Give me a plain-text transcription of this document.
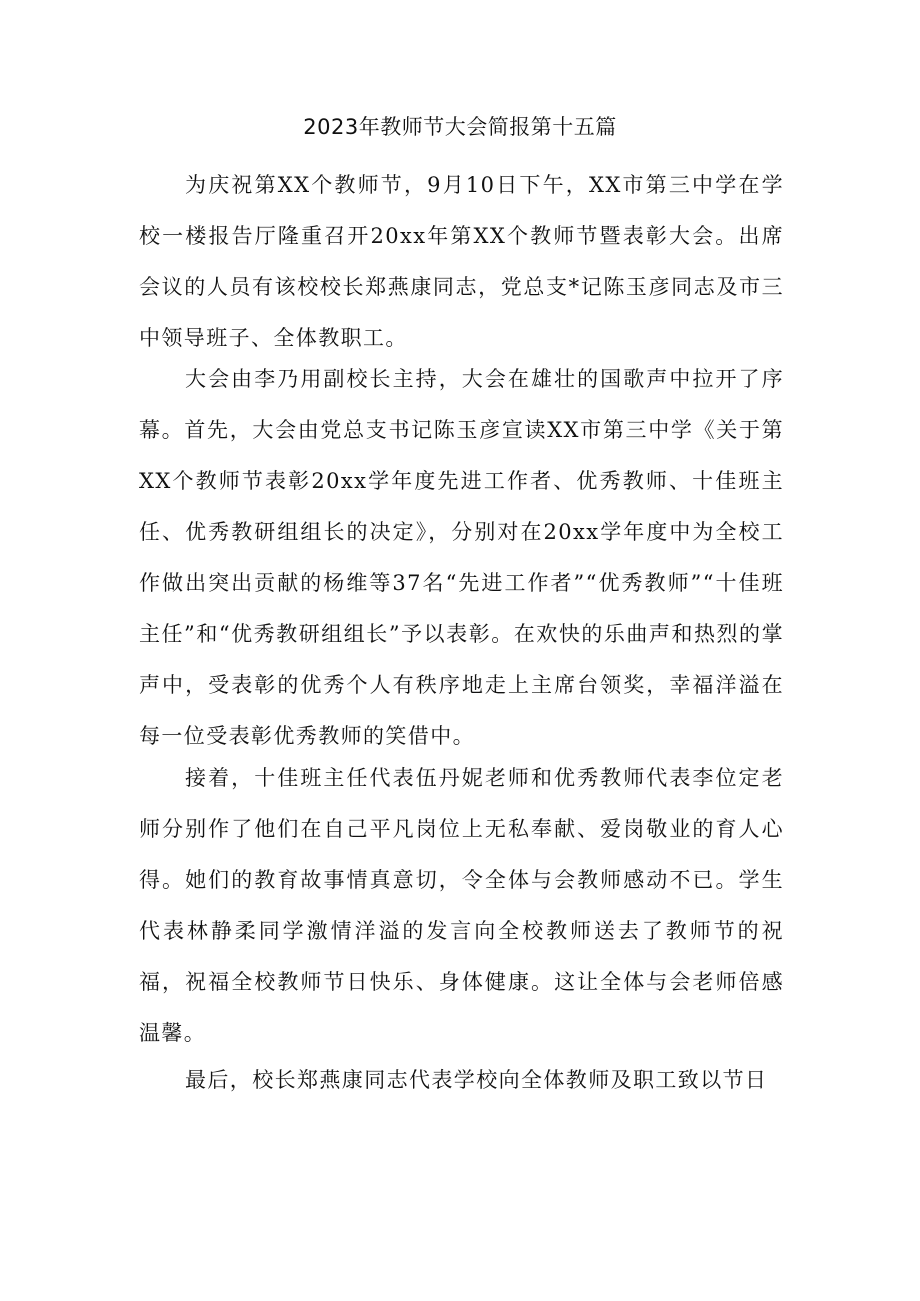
2023年教师节大会简报第十五篇

为庆祝第XX个教师节，9月10日下午，XX市第三中学在学校一楼报告厅隆重召开20xx年第XX个教师节暨表彰大会。出席会议的人员有该校校长郑燕康同志，党总支*记陈玉彦同志及市三中领导班子、全体教职工。

大会由李乃用副校长主持，大会在雄壮的国歌声中拉开了序幕。首先，大会由党总支书记陈玉彦宣读XX市第三中学《关于第XX个教师节表彰20xx学年度先进工作者、优秀教师、十佳班主任、优秀教研组组长的决定》，分别对在20xx学年度中为全校工作做出突出贡献的杨维等37名“先进工作者”“优秀教师”“十佳班主任”和“优秀教研组组长”予以表彰。在欢快的乐曲声和热烈的掌声中，受表彰的优秀个人有秩序地走上主席台领奖，幸福洋溢在每一位受表彰优秀教师的笑借中。

接着，十佳班主任代表伍丹妮老师和优秀教师代表李位定老师分别作了他们在自己平凡岗位上无私奉献、爱岗敬业的育人心得。她们的教育故事情真意切，令全体与会教师感动不已。学生代表林静柔同学激情洋溢的发言向全校教师送去了教师节的祝福，祝福全校教师节日快乐、身体健康。这让全体与会老师倍感温馨。

最后，校长郑燕康同志代表学校向全体教师及职工致以节日
